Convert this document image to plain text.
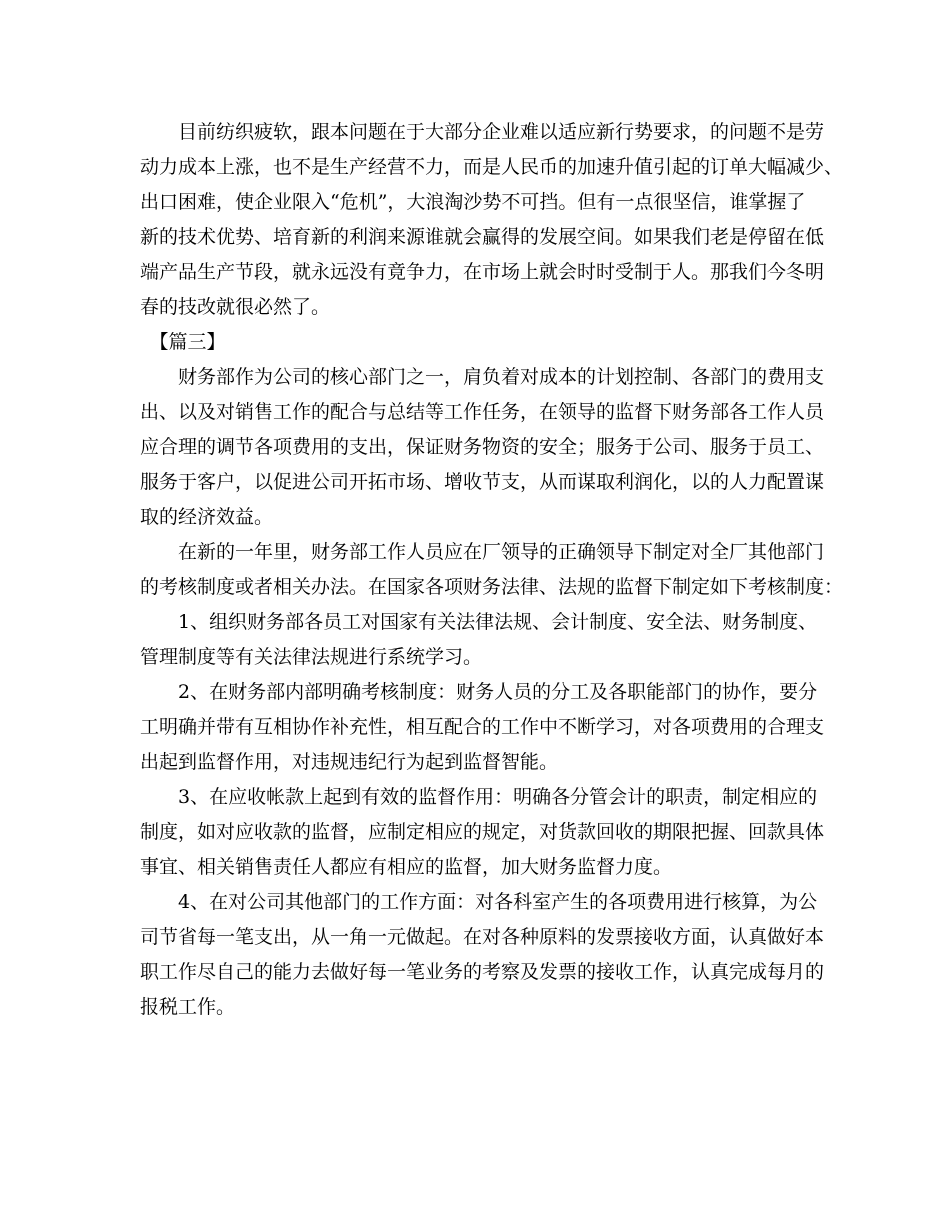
　　目前纺织疲软，跟本问题在于大部分企业难以适应新行势要求，的问题不是劳
动力成本上涨，也不是生产经营不力，而是人民币的加速升值引起的订单大幅减少、
出口困难，使企业限入“危机”，大浪淘沙势不可挡。但有一点很坚信，谁掌握了
新的技术优势、培育新的利润来源谁就会赢得的发展空间。如果我们老是停留在低
端产品生产节段，就永远没有竟争力，在市场上就会时时受制于人。那我们今冬明
春的技改就很必然了。
　【篇三】
　　财务部作为公司的核心部门之一，肩负着对成本的计划控制、各部门的费用支
出、以及对销售工作的配合与总结等工作任务，在领导的监督下财务部各工作人员
应合理的调节各项费用的支出，保证财务物资的安全；服务于公司、服务于员工、
服务于客户，以促进公司开拓市场、增收节支，从而谋取利润化，以的人力配置谋
取的经济效益。
　　在新的一年里，财务部工作人员应在厂领导的正确领导下制定对全厂其他部门
的考核制度或者相关办法。在国家各项财务法律、法规的监督下制定如下考核制度：
　　1、组织财务部各员工对国家有关法律法规、会计制度、安全法、财务制度、
管理制度等有关法律法规进行系统学习。
　　2、在财务部内部明确考核制度：财务人员的分工及各职能部门的协作，要分
工明确并带有互相协作补充性，相互配合的工作中不断学习，对各项费用的合理支
出起到监督作用，对违规违纪行为起到监督智能。
　　3、在应收帐款上起到有效的监督作用：明确各分管会计的职责，制定相应的
制度，如对应收款的监督，应制定相应的规定，对货款回收的期限把握、回款具体
事宜、相关销售责任人都应有相应的监督，加大财务监督力度。
　　4、在对公司其他部门的工作方面：对各科室产生的各项费用进行核算，为公
司节省每一笔支出，从一角一元做起。在对各种原料的发票接收方面，认真做好本
职工作尽自己的能力去做好每一笔业务的考察及发票的接收工作，认真完成每月的
报税工作。
